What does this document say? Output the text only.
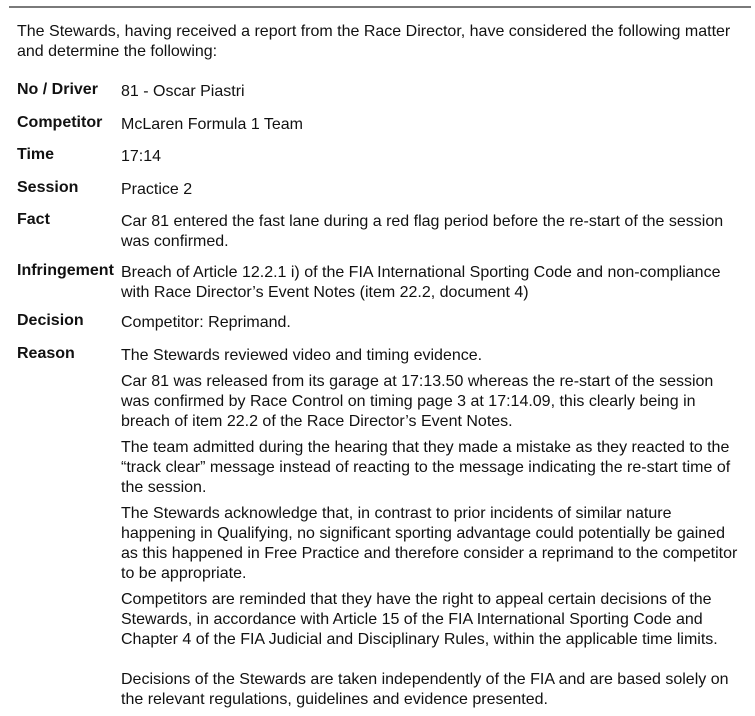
The Stewards, having received a report from the Race Director, have considered the following matter and determine the following:
No / Driver 81 - Oscar Piastri
Competitor McLaren Formula 1 Team
Time	17:14
Session	Practice 2
Fact	Car 81 entered the fast lane during a red flag period before the re-start of the session was confirmed.
Infringement Breach of Article 12.2.1 i) of the FIA International Sporting Code and non-compliance with Race Director’s Event Notes (item 22.2, document 4)
Decision Competitor: Reprimand.
Reason	The Stewards reviewed video and timing evidence.

Car 81 was released from its garage at 17:13.50 whereas the re-start of the session was confirmed by Race Control on timing page 3 at 17:14.09, this clearly being in breach of item 22.2 of the Race Director’s Event Notes.

The team admitted during the hearing that they made a mistake as they reacted to the “track clear” message instead of reacting to the message indicating the re-start time of the session.

The Stewards acknowledge that, in contrast to prior incidents of similar nature happening in Qualifying, no significant sporting advantage could potentially be gained as this happened in Free Practice and therefore consider a reprimand to the competitor to be appropriate.

Competitors are reminded that they have the right to appeal certain decisions of the Stewards, in accordance with Article 15 of the FIA International Sporting Code and Chapter 4 of the FIA Judicial and Disciplinary Rules, within the applicable time limits.

Decisions of the Stewards are taken independently of the FIA and are based solely on the relevant regulations, guidelines and evidence presented.
